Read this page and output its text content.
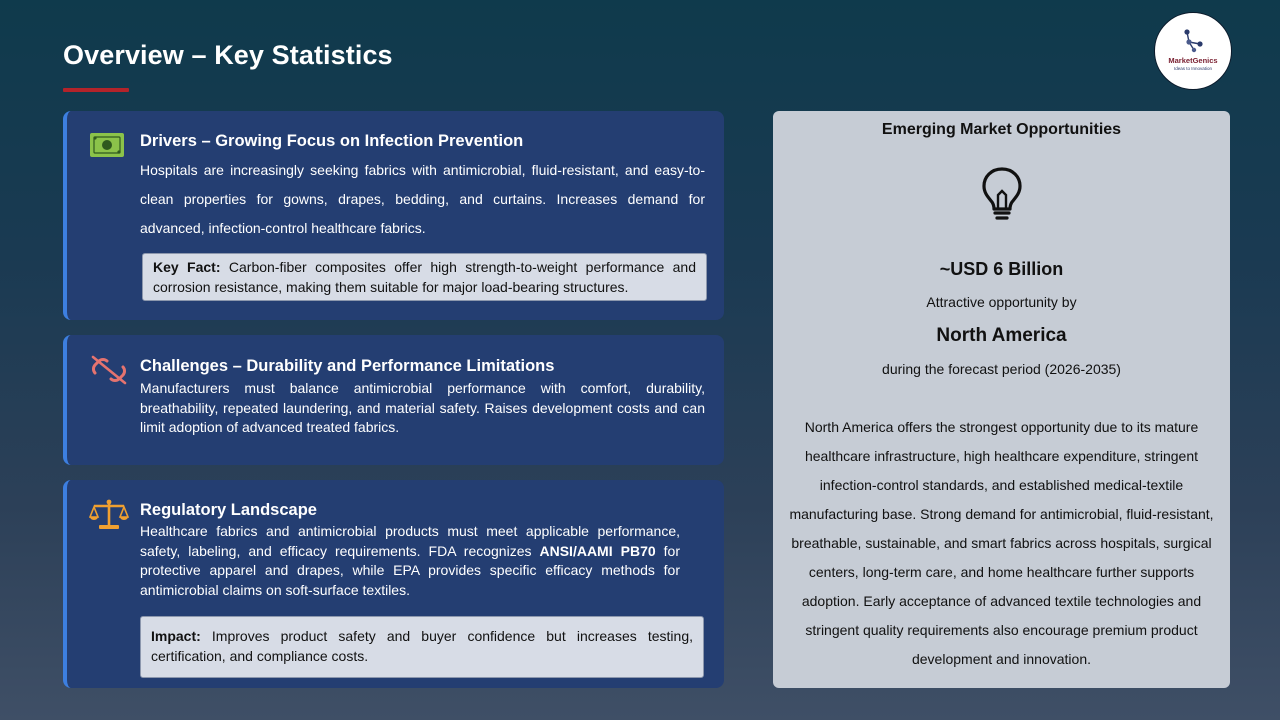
Overview – Key Statistics	MarketGenics
Ideas to Innovation
Drivers – Growing Focus on Infection Prevention
Hospitals are increasingly seeking fabrics with antimicrobial, fluid-resistant, and easy-to-clean properties for gowns, drapes, bedding, and curtains. Increases demand for advanced, infection-control healthcare fabrics.
Key Fact: Carbon-fiber composites offer high strength-to-weight performance and corrosion resistance, making them suitable for major load-bearing structures.
Challenges – Durability and Performance Limitations
Manufacturers must balance antimicrobial performance with comfort, durability, breathability, repeated laundering, and material safety. Raises development costs and can limit adoption of advanced treated fabrics.
Regulatory Landscape
Healthcare fabrics and antimicrobial products must meet applicable performance, safety, labeling, and efficacy requirements. FDA recognizes ANSI/AAMI PB70 for protective apparel and drapes, while EPA provides specific efficacy methods for antimicrobial claims on soft-surface textiles.
Impact: Improves product safety and buyer confidence but increases testing, certification, and compliance costs.
Emerging Market Opportunities
~USD 6 Billion
Attractive opportunity by
North America
during the forecast period (2026-2035)
North America offers the strongest opportunity due to its mature healthcare infrastructure, high healthcare expenditure, stringent infection-control standards, and established medical-textile manufacturing base. Strong demand for antimicrobial, fluid-resistant, breathable, sustainable, and smart fabrics across hospitals, surgical centers, long-term care, and home healthcare further supports adoption. Early acceptance of advanced textile technologies and stringent quality requirements also encourage premium product development and innovation.
